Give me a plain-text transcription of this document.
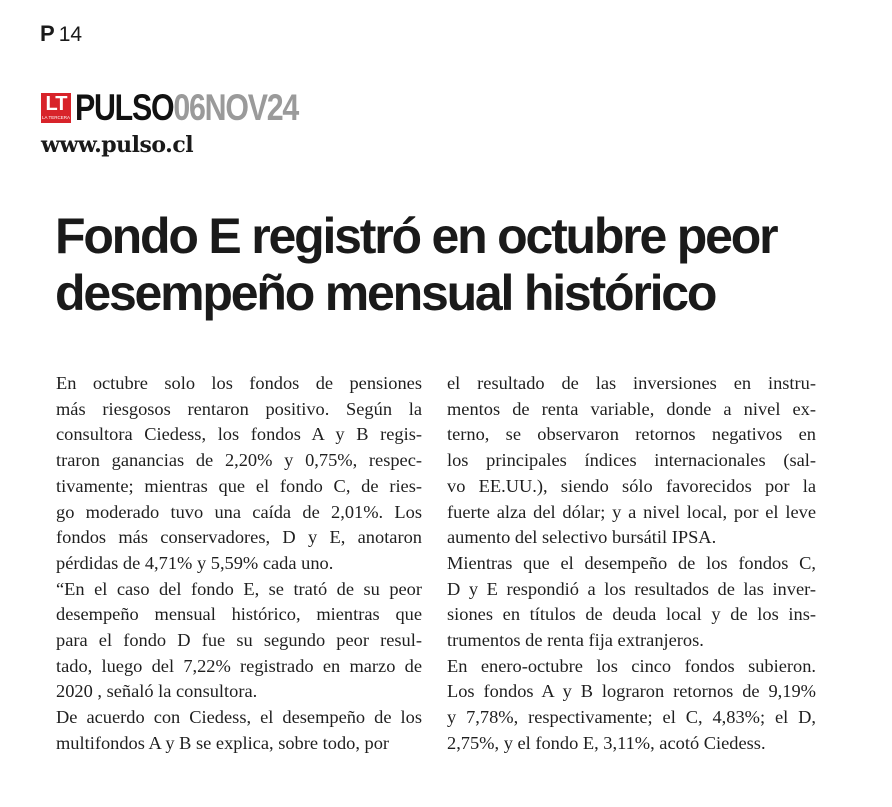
P 14
LT
LA TERCERA PULSO06NOV24
www.pulso.cl
Fondo E registró en octubre peor
desempeño mensual histórico
En octubre solo los fondos de pensiones
más riesgosos rentaron positivo. Según la
consultora Ciedess, los fondos A y B regis-
traron ganancias de 2,20% y 0,75%, respec-
tivamente; mientras que el fondo C, de ries-
go moderado tuvo una caída de 2,01%. Los
fondos más conservadores, D y E, anotaron
pérdidas de 4,71% y 5,59% cada uno.
“En el caso del fondo E, se trató de su peor
desempeño mensual histórico, mientras que
para el fondo D fue su segundo peor resul-
tado, luego del 7,22% registrado en marzo de
2020 , señaló la consultora.
De acuerdo con Ciedess, el desempeño de los
multifondos A y B se explica, sobre todo, por
el resultado de las inversiones en instru-
mentos de renta variable, donde a nivel ex-
terno, se observaron retornos negativos en
los principales índices internacionales (sal-
vo EE.UU.), siendo sólo favorecidos por la
fuerte alza del dólar; y a nivel local, por el leve
aumento del selectivo bursátil IPSA.
Mientras que el desempeño de los fondos C,
D y E respondió a los resultados de las inver-
siones en títulos de deuda local y de los ins-
trumentos de renta fija extranjeros.
En enero-octubre los cinco fondos subieron.
Los fondos A y B lograron retornos de 9,19%
y 7,78%, respectivamente; el C, 4,83%; el D,
2,75%, y el fondo E, 3,11%, acotó Ciedess.
